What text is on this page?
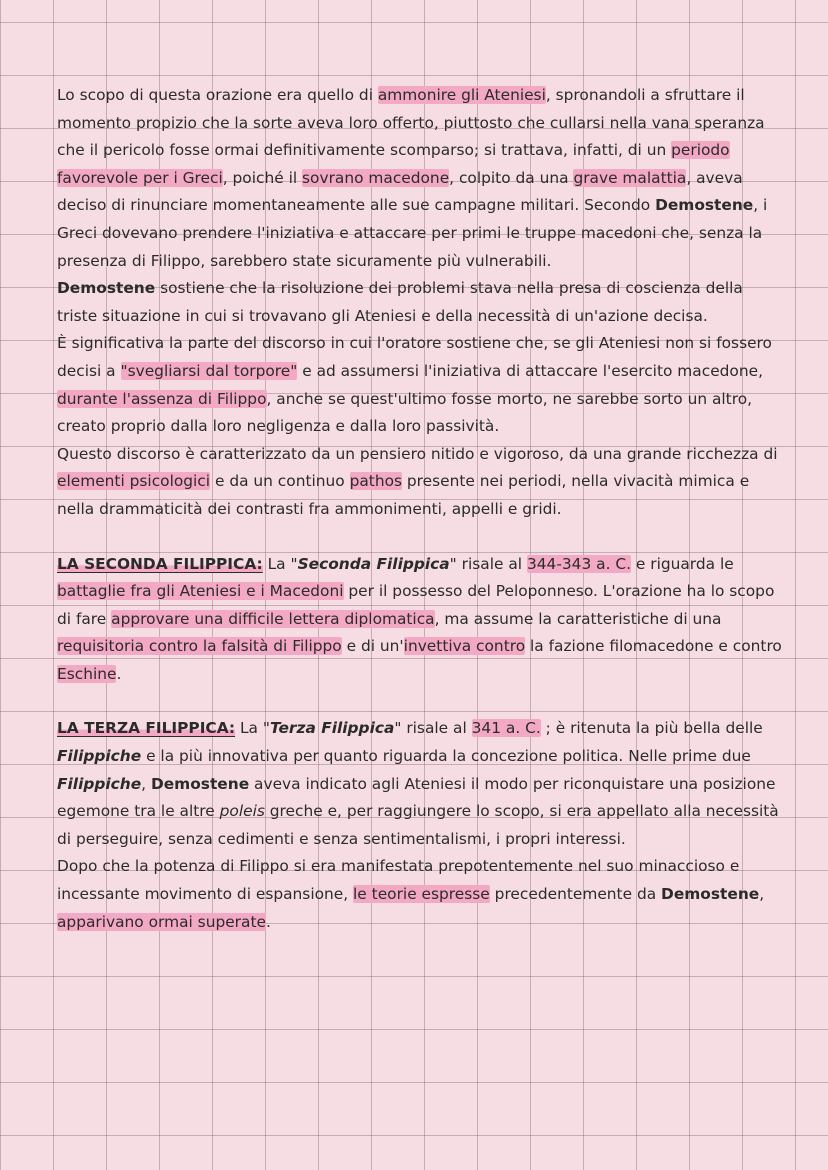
Lo scopo di questa orazione era quello di ammonire gli Ateniesi, spronandoli a sfruttare il momento propizio che la sorte aveva loro offerto, piuttosto che cullarsi nella vana speranza che il pericolo fosse ormai definitivamente scomparso; si trattava, infatti, di un periodo favorevole per i Greci, poiché il sovrano macedone, colpito da una grave malattia, aveva deciso di rinunciare momentaneamente alle sue campagne militari. Secondo Demostene, i Greci dovevano prendere l'iniziativa e attaccare per primi le truppe macedoni che, senza la presenza di Filippo, sarebbero state sicuramente più vulnerabili.

Demostene sostiene che la risoluzione dei problemi stava nella presa di coscienza della triste situazione in cui si trovavano gli Ateniesi e della necessità di un'azione decisa.

È significativa la parte del discorso in cui l'oratore sostiene che, se gli Ateniesi non si fossero decisi a "svegliarsi dal torpore" e ad assumersi l'iniziativa di attaccare l'esercito macedone, durante l'assenza di Filippo, anche se quest'ultimo fosse morto, ne sarebbe sorto un altro, creato proprio dalla loro negligenza e dalla loro passività.

Questo discorso è caratterizzato da un pensiero nitido e vigoroso, da una grande ricchezza di elementi psicologici e da un continuo pathos presente nei periodi, nella vivacità mimica e nella drammaticità dei contrasti fra ammonimenti, appelli e gridi.

LA SECONDA FILIPPICA: La "Seconda Filippica" risale al 344-343 a. C. e riguarda le battaglie fra gli Ateniesi e i Macedoni per il possesso del Peloponneso. L'orazione ha lo scopo di fare approvare una difficile lettera diplomatica, ma assume la caratteristiche di una requisitoria contro la falsità di Filippo e di un'invettiva contro la fazione filomacedone e contro Eschine.

LA TERZA FILIPPICA: La "Terza Filippica" risale al 341 a. C. ; è ritenuta la più bella delle Filippiche e la più innovativa per quanto riguarda la concezione politica. Nelle prime due Filippiche, Demostene aveva indicato agli Ateniesi il modo per riconquistare una posizione egemone tra le altre poleis greche e, per raggiungere lo scopo, si era appellato alla necessità di perseguire, senza cedimenti e senza sentimentalismi, i propri interessi.

Dopo che la potenza di Filippo si era manifestata prepotentemente nel suo minaccioso e incessante movimento di espansione, le teorie espresse precedentemente da Demostene, apparivano ormai superate.
